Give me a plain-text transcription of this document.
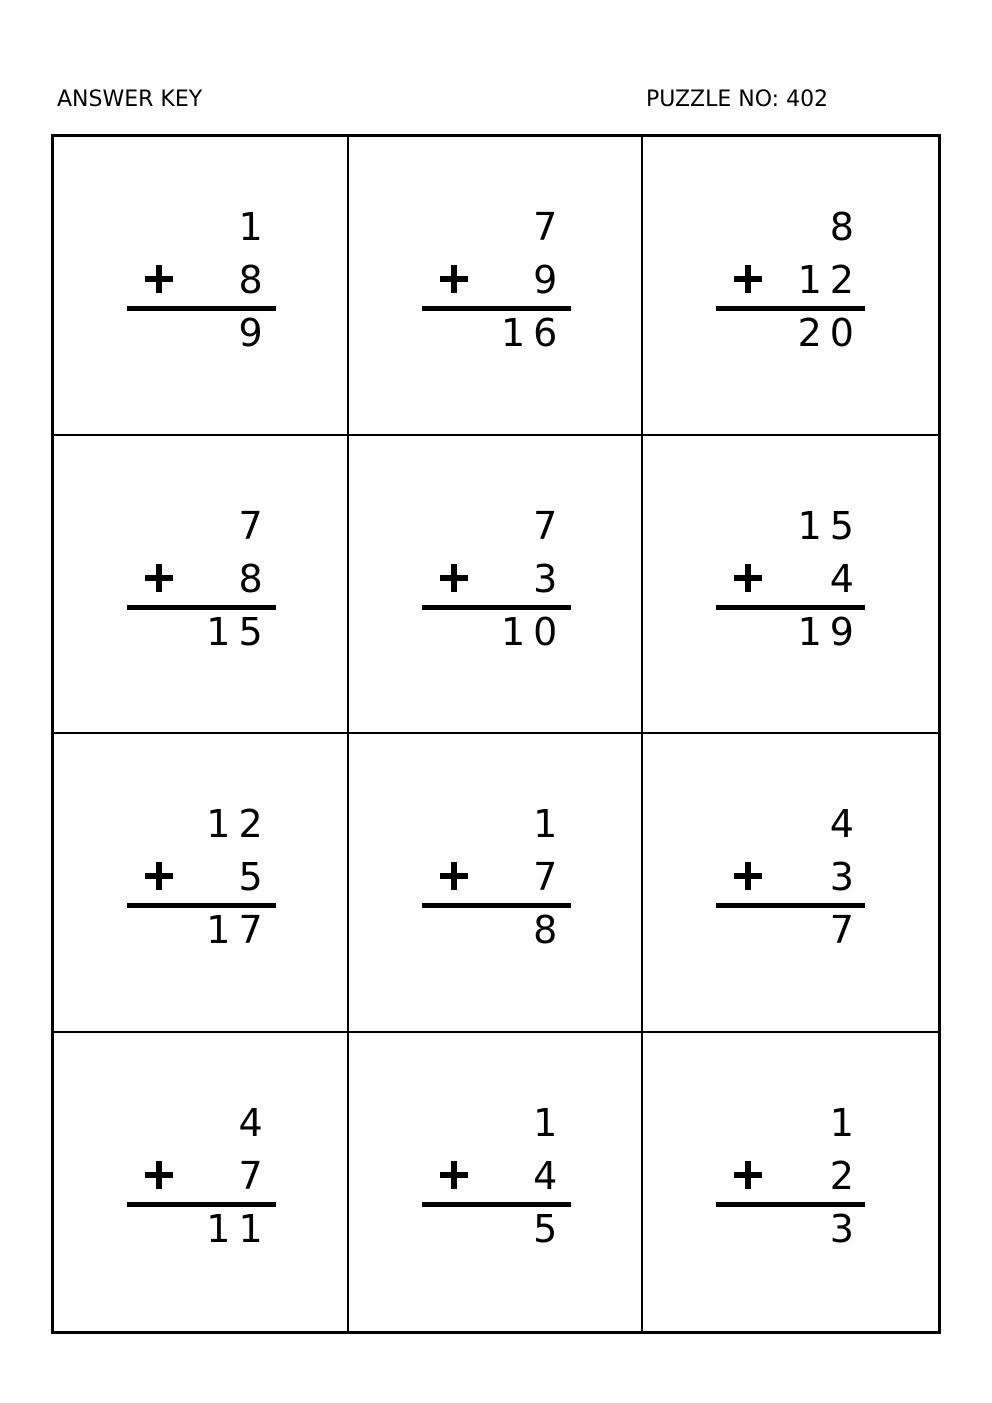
ANSWER KEY	PUZZLE NO: 402
1
8
9
7
9
16
8
12
20
7
8
15
7
3
10
15
4
19
12
5
17
1
7
8
4
3
7
4
7
11
1
4
5
1
2
3
